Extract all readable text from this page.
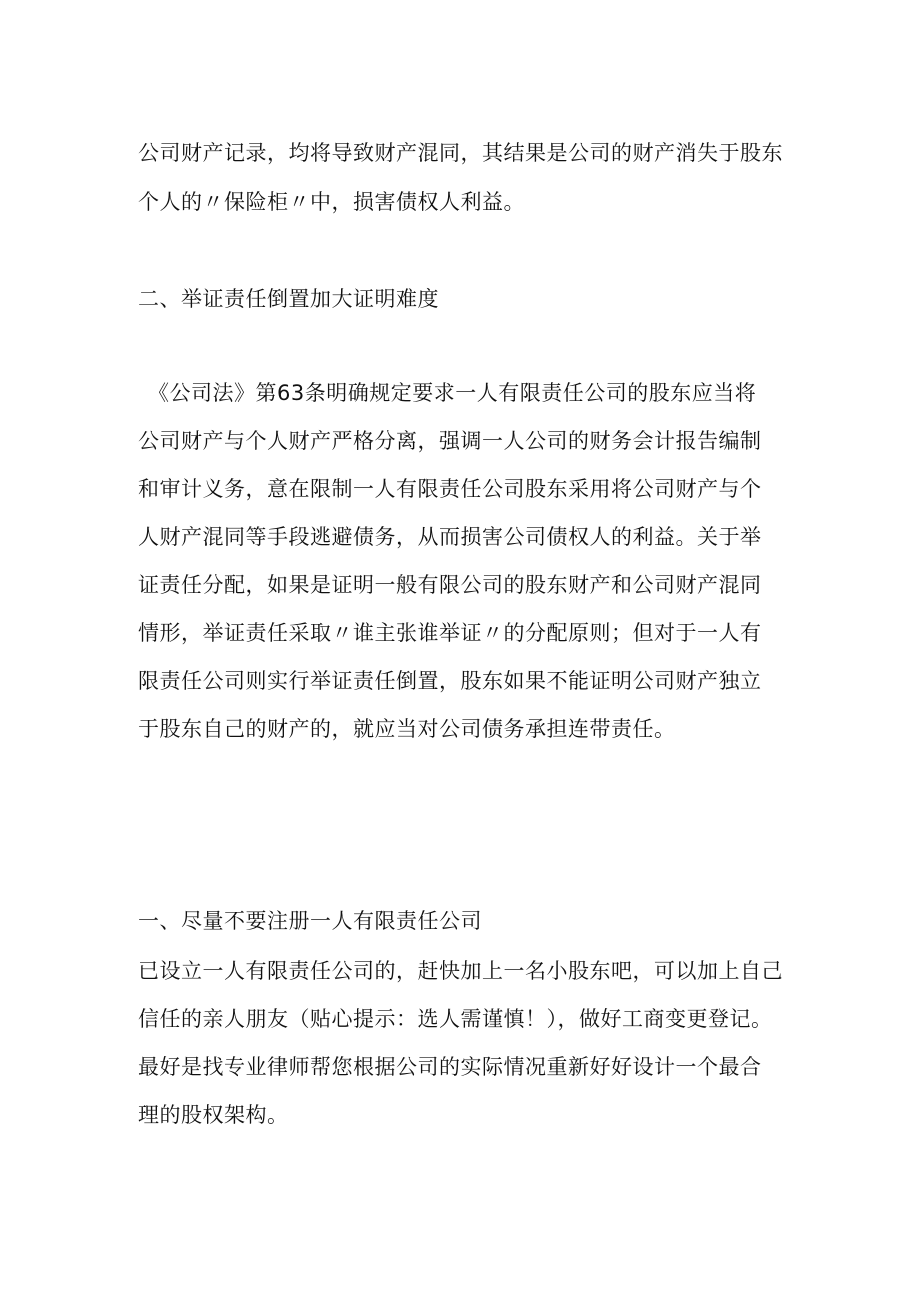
公司财产记录，均将导致财产混同，其结果是公司的财产消失于股东
个人的〃保险柜〃中，损害债权人利益。
二、举证责任倒置加大证明难度
《公司法》第63条明确规定要求一人有限责任公司的股东应当将
公司财产与个人财产严格分离，强调一人公司的财务会计报告编制
和审计义务，意在限制一人有限责任公司股东采用将公司财产与个
人财产混同等手段逃避债务，从而损害公司债权人的利益。关于举
证责任分配，如果是证明一般有限公司的股东财产和公司财产混同
情形，举证责任采取〃谁主张谁举证〃的分配原则；但对于一人有
限责任公司则实行举证责任倒置，股东如果不能证明公司财产独立
于股东自己的财产的，就应当对公司债务承担连带责任。
一、尽量不要注册一人有限责任公司
已设立一人有限责任公司的，赶快加上一名小股东吧，可以加上自己
信任的亲人朋友（贴心提示：选人需谨慎！），做好工商变更登记。
最好是找专业律师帮您根据公司的实际情况重新好好设计一个最合
理的股权架构。
